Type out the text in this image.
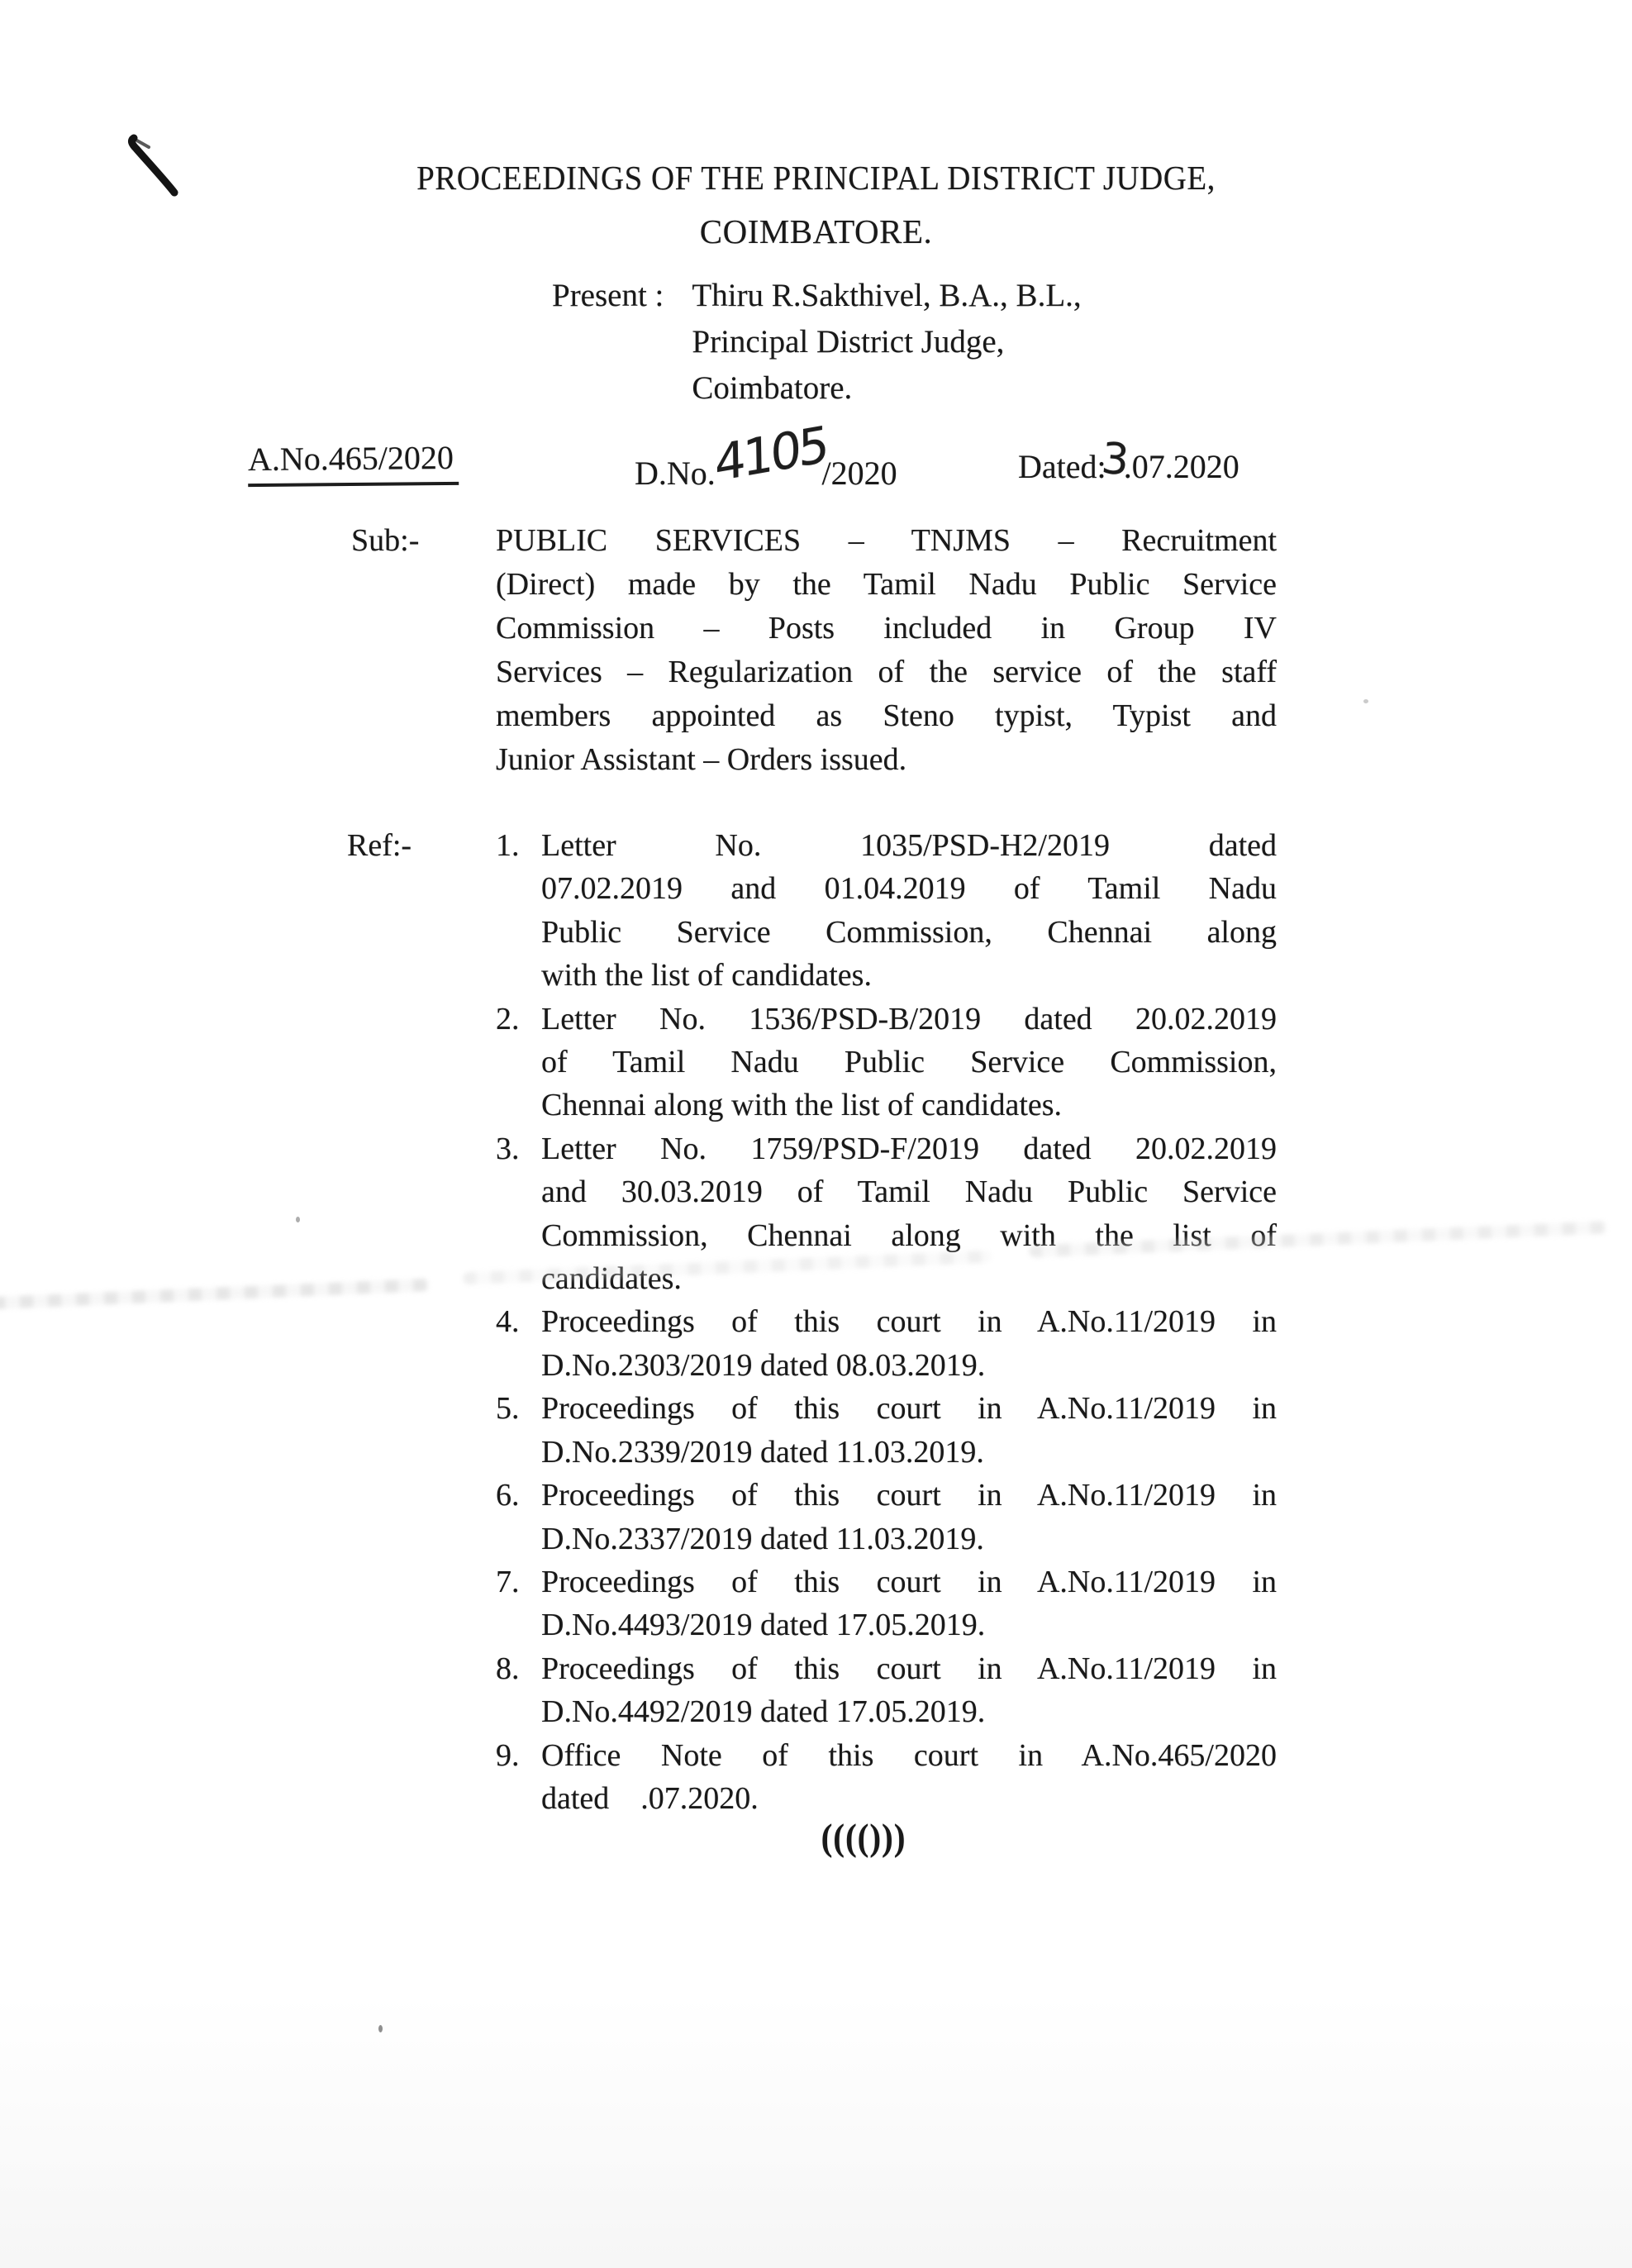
PROCEEDINGS OF THE PRINCIPAL DISTRICT JUDGE,
COIMBATORE.
Present : Thiru R.Sakthivel, B.A., B.L.,
Principal District Judge,
Coimbatore.
A.No.465/2020	D.No.4105/2020	Dated:3.07.2020
Sub:-	PUBLIC SERVICES – TNJMS – Recruitment
(Direct) made by the Tamil Nadu Public Service
Commission – Posts included in Group IV
Services – Regularization of the service of the staff
members appointed as Steno typist, Typist and
Junior Assistant – Orders issued.
Ref:-	1. Letter No. 1035/PSD-H2/2019 dated
07.02.2019 and 01.04.2019 of Tamil Nadu
Public Service Commission, Chennai along
with the list of candidates.
2. Letter No. 1536/PSD-B/2019 dated 20.02.2019
of Tamil Nadu Public Service Commission,
Chennai along with the list of candidates.
3. Letter No. 1759/PSD-F/2019 dated 20.02.2019
and 30.03.2019 of Tamil Nadu Public Service
Commission, Chennai along with the list of
candidates.
4. Proceedings of this court in A.No.11/2019 in
D.No.2303/2019 dated 08.03.2019.
5. Proceedings of this court in A.No.11/2019 in
D.No.2339/2019 dated 11.03.2019.
6. Proceedings of this court in A.No.11/2019 in
D.No.2337/2019 dated 11.03.2019.
7. Proceedings of this court in A.No.11/2019 in
D.No.4493/2019 dated 17.05.2019.
8. Proceedings of this court in A.No.11/2019 in
D.No.4492/2019 dated 17.05.2019.
9. Office Note of this court in A.No.465/2020
dated    .07.2020.
(((()))
